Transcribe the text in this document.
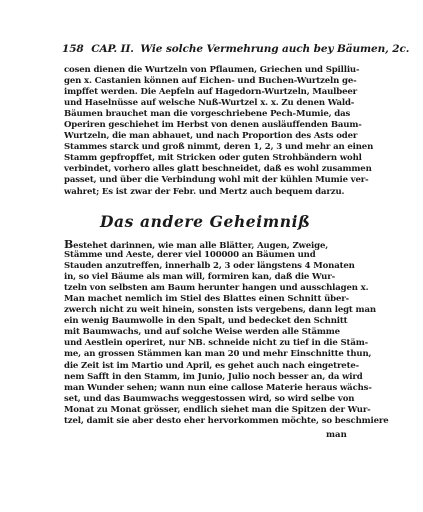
158 CAP. II. Wie solche Vermehrung auch bey Bäumen, 2c.
cosen dienen die Wurtzeln von Pflaumen, Griechen und Spilliu-
gen x. Castanien können auf Eichen- und Buchen-Wurtzeln ge-
impffet werden. Die Aepfeln auf Hagedorn-Wurtzeln, Maulbeer
und Haselnüsse auf welsche Nuß-Wurtzel x. x. Zu denen Wald-
Bäumen brauchet man die vorgeschriebene Pech-Mumie, das
Operiren geschiehet im Herbst von denen ausläuffenden Baum-
Wurtzeln, die man abhauet, und nach Proportion des Asts oder
Stammes starck und groß nimmt, deren 1, 2, 3 und mehr an einen
Stamm gepfropffet, mit Stricken oder guten Strohbändern wohl
verbindet, vorhero alles glatt beschneidet, daß es wohl zusammen
passet, und über die Verbindung wohl mit der kühlen Mumie ver-
wahret; Es ist zwar der Febr. und Mertz auch bequem darzu.
Das andere Geheimniß
Bestehet darinnen, wie man alle Blätter, Augen, Zweige,
Stämme und Aeste, derer viel 100000 an Bäumen und
Stauden anzutreffen, innerhalb 2, 3 oder längstens 4 Monaten
in, so viel Bäume als man will, formiren kan, daß die Wur-
tzeln von selbsten am Baum herunter hangen und ausschlagen x.
Man machet nemlich im Stiel des Blattes einen Schnitt über-
zwerch nicht zu weit hinein, sonsten ists vergebens, dann legt man
ein wenig Baumwolle in den Spalt, und bedecket den Schnitt
mit Baumwachs, und auf solche Weise werden alle Stämme
und Aestlein operiret, nur NB. schneide nicht zu tief in die Stäm-
me, an grossen Stämmen kan man 20 und mehr Einschnitte thun,
die Zeit ist im Martio und April, es gehet auch nach eingetrete-
nem Safft in den Stamm, im Junio, Julio noch besser an, da wird
man Wunder sehen; wann nun eine callose Materie heraus wächs-
set, und das Baumwachs weggestossen wird, so wird selbe von
Monat zu Monat grösser, endlich siehet man die Spitzen der Wur-
tzel, damit sie aber desto eher hervorkommen möchte, so beschmiere
man
